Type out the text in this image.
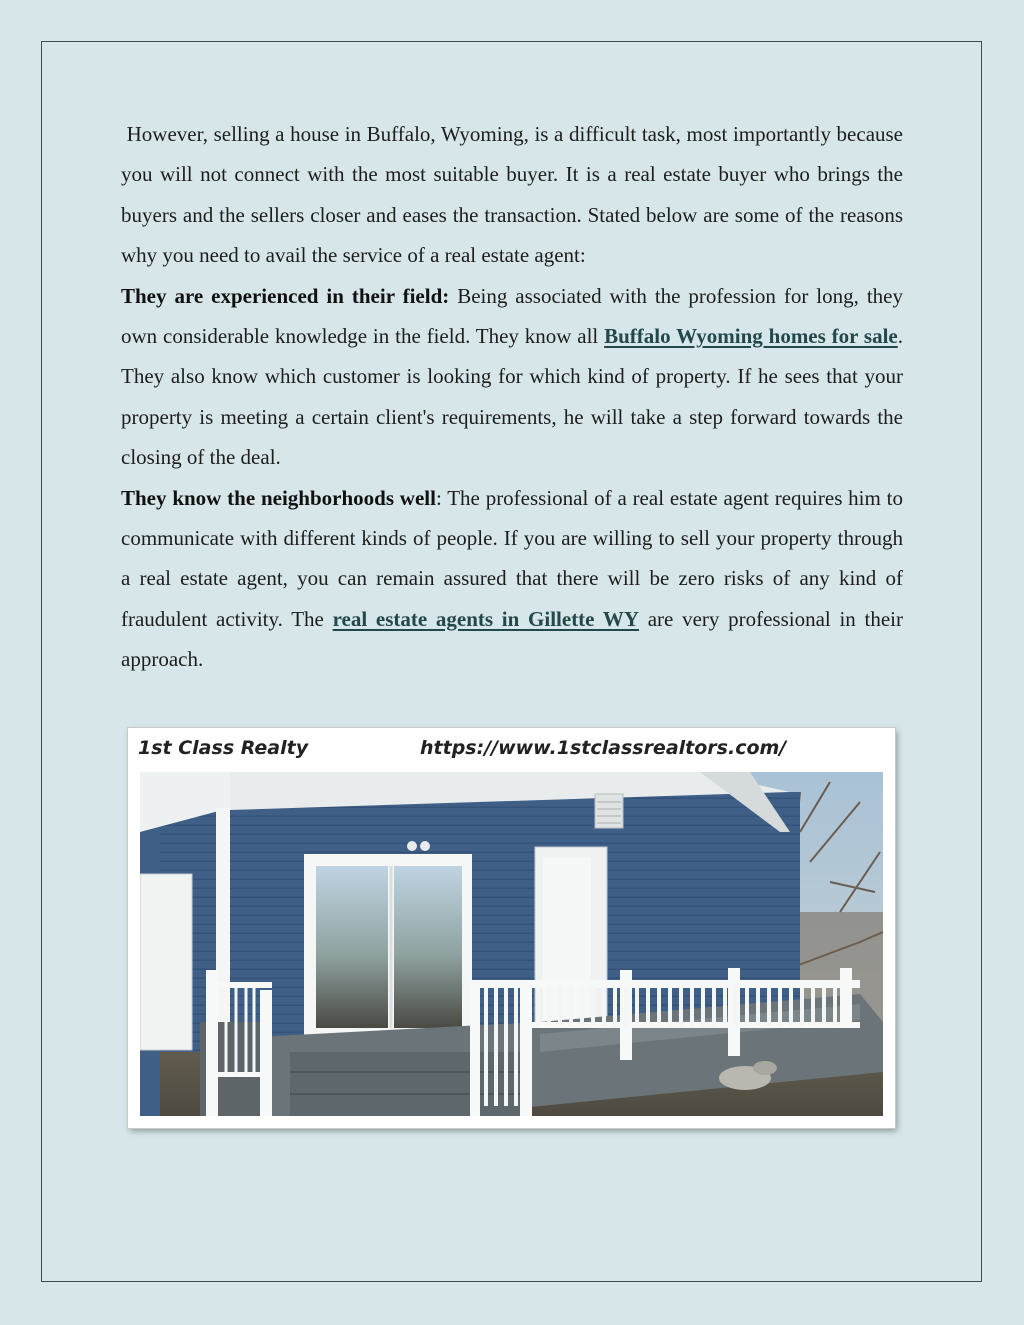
However, selling a house in Buffalo, Wyoming, is a difficult task, most importantly because you will not connect with the most suitable buyer. It is a real estate buyer who brings the buyers and the sellers closer and eases the transaction. Stated below are some of the reasons why you need to avail the service of a real estate agent:

They are experienced in their field: Being associated with the profession for long, they own considerable knowledge in the field. They know all Buffalo Wyoming homes for sale. They also know which customer is looking for which kind of property. If he sees that your property is meeting a certain client's requirements, he will take a step forward towards the closing of the deal.

They know the neighborhoods well: The professional of a real estate agent requires him to communicate with different kinds of people. If you are willing to sell your property through a real estate agent, you can remain assured that there will be zero risks of any kind of fraudulent activity. The real estate agents in Gillette WY are very professional in their approach.

1st Class Realty	https://www.1stclassrealtors.com/
